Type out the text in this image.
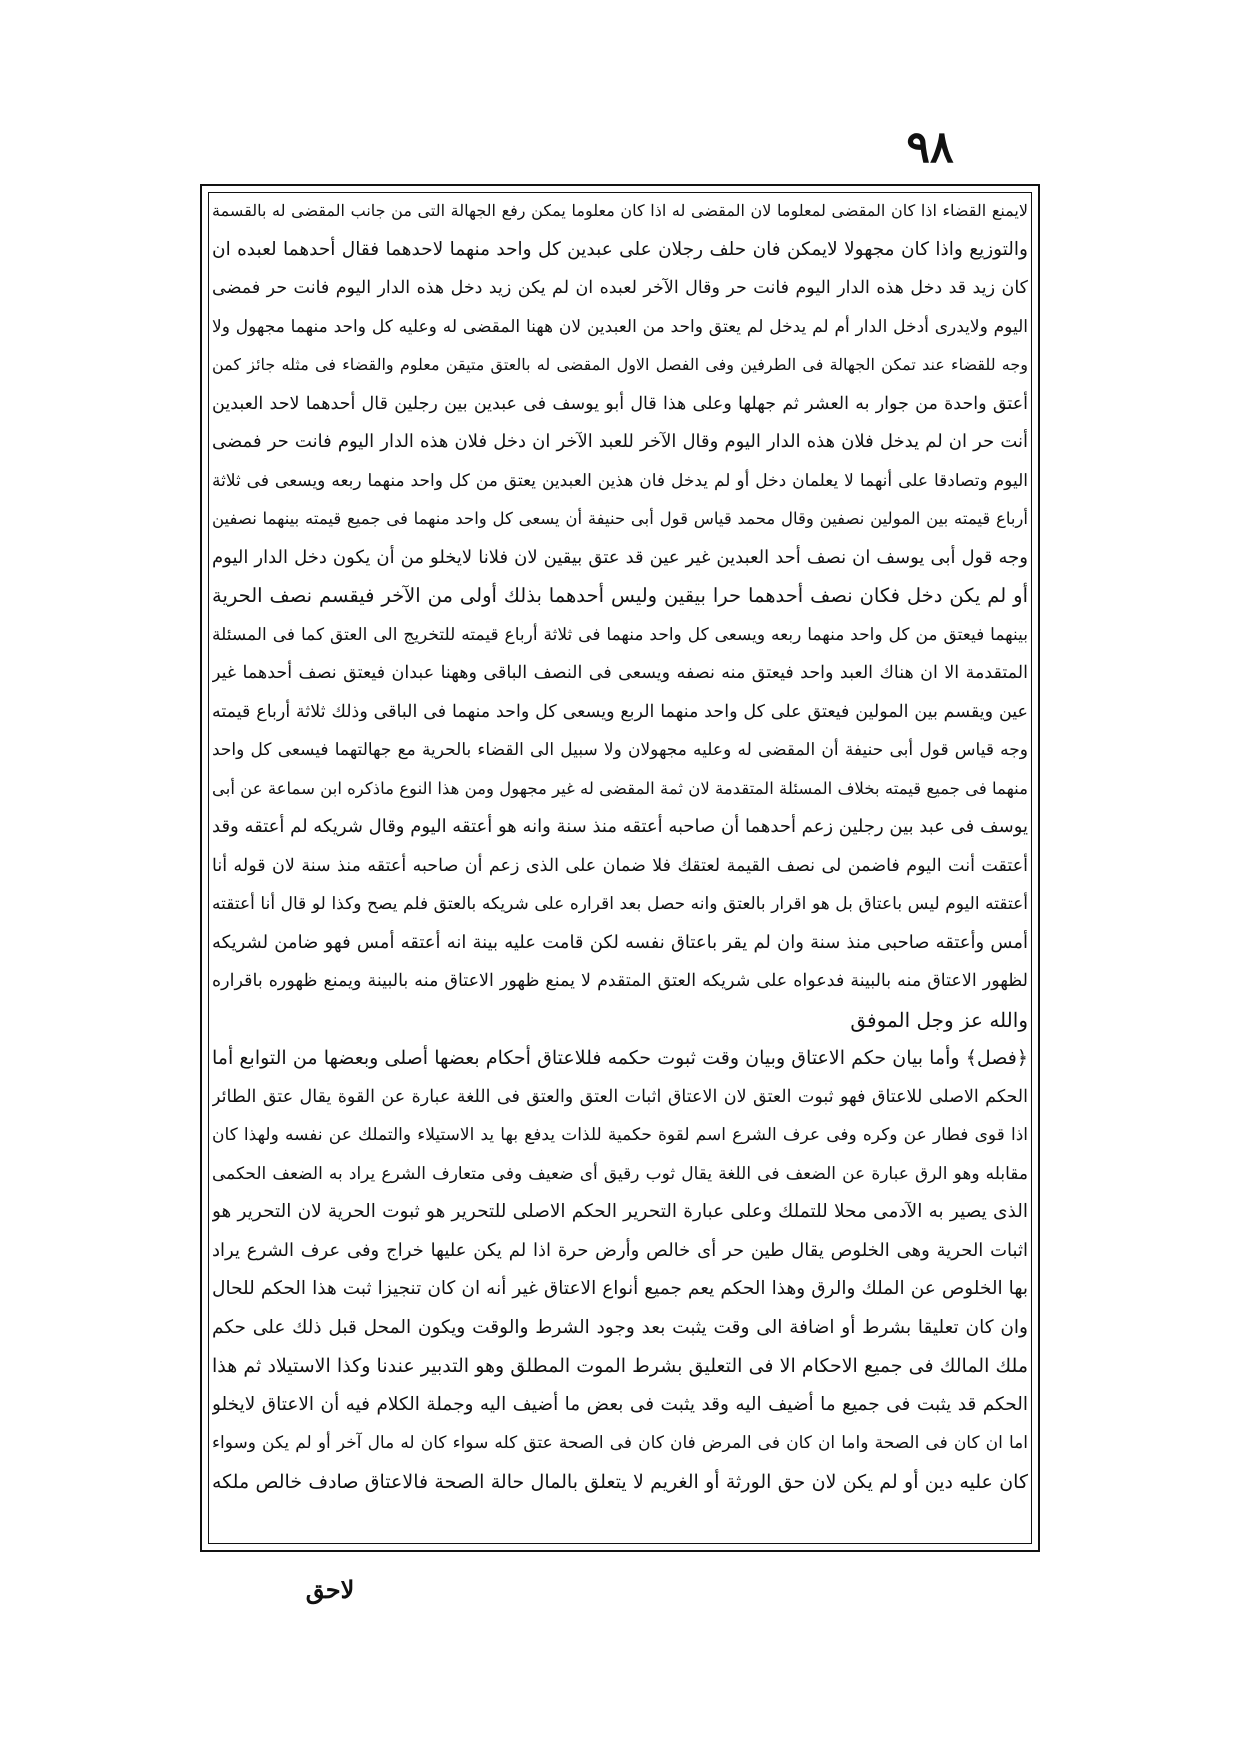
٩٨
لايمنع القضاء اذا كان المقضى لمعلوما لان المقضى له اذا كان معلوما يمكن رفع الجهالة التى من جانب المقضى له بالقسمة
والتوزيع واذا كان مجهولا لايمكن فان حلف رجلان على عبدين كل واحد منهما لاحدهما فقال أحدهما لعبده ان
كان زيد قد دخل هذه الدار اليوم فانت حر وقال الآخر لعبده ان لم يكن زيد دخل هذه الدار اليوم فانت حر فمضى
اليوم ولايدرى أدخل الدار أم لم يدخل لم يعتق واحد من العبدين لان ههنا المقضى له وعليه كل واحد منهما مجهول ولا
وجه للقضاء عند تمكن الجهالة فى الطرفين وفى الفصل الاول المقضى له بالعتق متيقن معلوم والقضاء فى مثله جائز كمن
أعتق واحدة من جوار به العشر ثم جهلها وعلى هذا قال أبو يوسف فى عبدين بين رجلين قال أحدهما لاحد العبدين
أنت حر ان لم يدخل فلان هذه الدار اليوم وقال الآخر للعبد الآخر ان دخل فلان هذه الدار اليوم فانت حر فمضى
اليوم وتصادقا على أنهما لا يعلمان دخل أو لم يدخل فان هذين العبدين يعتق من كل واحد منهما ربعه ويسعى فى ثلاثة
أرباع قيمته بين المولين نصفين وقال محمد قياس قول أبى حنيفة أن يسعى كل واحد منهما فى جميع قيمته بينهما نصفين
وجه قول أبى يوسف ان نصف أحد العبدين غير عين قد عتق بيقين لان فلانا لايخلو من أن يكون دخل الدار اليوم
أو لم يكن دخل فكان نصف أحدهما حرا بيقين وليس أحدهما بذلك أولى من الآخر فيقسم نصف الحرية
بينهما فيعتق من كل واحد منهما ربعه ويسعى كل واحد منهما فى ثلاثة أرباع قيمته للتخريج الى العتق كما فى المسئلة
المتقدمة الا ان هناك العبد واحد فيعتق منه نصفه ويسعى فى النصف الباقى وههنا عبدان فيعتق نصف أحدهما غير
عين ويقسم بين المولين فيعتق على كل واحد منهما الربع ويسعى كل واحد منهما فى الباقى وذلك ثلاثة أرباع قيمته
وجه قياس قول أبى حنيفة أن المقضى له وعليه مجهولان ولا سبيل الى القضاء بالحرية مع جهالتهما فيسعى كل واحد
منهما فى جميع قيمته بخلاف المسئلة المتقدمة لان ثمة المقضى له غير مجهول ومن هذا النوع ماذكره ابن سماعة عن أبى
يوسف فى عبد بين رجلين زعم أحدهما أن صاحبه أعتقه منذ سنة وانه هو أعتقه اليوم وقال شريكه لم أعتقه وقد
أعتقت أنت اليوم فاضمن لى نصف القيمة لعتقك فلا ضمان على الذى زعم أن صاحبه أعتقه منذ سنة لان قوله أنا
أعتقته اليوم ليس باعتاق بل هو اقرار بالعتق وانه حصل بعد اقراره على شريكه بالعتق فلم يصح وكذا لو قال أنا أعتقته
أمس وأعتقه صاحبى منذ سنة وان لم يقر باعتاق نفسه لكن قامت عليه بينة انه أعتقه أمس فهو ضامن لشريكه
لظهور الاعتاق منه بالبينة فدعواه على شريكه العتق المتقدم لا يمنع ظهور الاعتاق منه بالبينة ويمنع ظهوره باقراره
والله عز وجل الموفق
﴿فصل﴾ وأما بيان حكم الاعتاق وبيان وقت ثبوت حكمه فللاعتاق أحكام بعضها أصلى وبعضها من التوابع أما
الحكم الاصلى للاعتاق فهو ثبوت العتق لان الاعتاق اثبات العتق والعتق فى اللغة عبارة عن القوة يقال عتق الطائر
اذا قوى فطار عن وكره وفى عرف الشرع اسم لقوة حكمية للذات يدفع بها يد الاستيلاء والتملك عن نفسه ولهذا كان
مقابله وهو الرق عبارة عن الضعف فى اللغة يقال ثوب رقيق أى ضعيف وفى متعارف الشرع يراد به الضعف الحكمى
الذى يصير به الآدمى محلا للتملك وعلى عبارة التحرير الحكم الاصلى للتحرير هو ثبوت الحرية لان التحرير هو
اثبات الحرية وهى الخلوص يقال طين حر أى خالص وأرض حرة اذا لم يكن عليها خراج وفى عرف الشرع يراد
بها الخلوص عن الملك والرق وهذا الحكم يعم جميع أنواع الاعتاق غير أنه ان كان تنجيزا ثبت هذا الحكم للحال
وان كان تعليقا بشرط أو اضافة الى وقت يثبت بعد وجود الشرط والوقت ويكون المحل قبل ذلك على حكم
ملك المالك فى جميع الاحكام الا فى التعليق بشرط الموت المطلق وهو التدبير عندنا وكذا الاستيلاد ثم هذا
الحكم قد يثبت فى جميع ما أضيف اليه وقد يثبت فى بعض ما أضيف اليه وجملة الكلام فيه أن الاعتاق لايخلو
اما ان كان فى الصحة واما ان كان فى المرض فان كان فى الصحة عتق كله سواء كان له مال آخر أو لم يكن وسواء
كان عليه دين أو لم يكن لان حق الورثة أو الغريم لا يتعلق بالمال حالة الصحة فالاعتاق صادف خالص ملكه
لاحق
